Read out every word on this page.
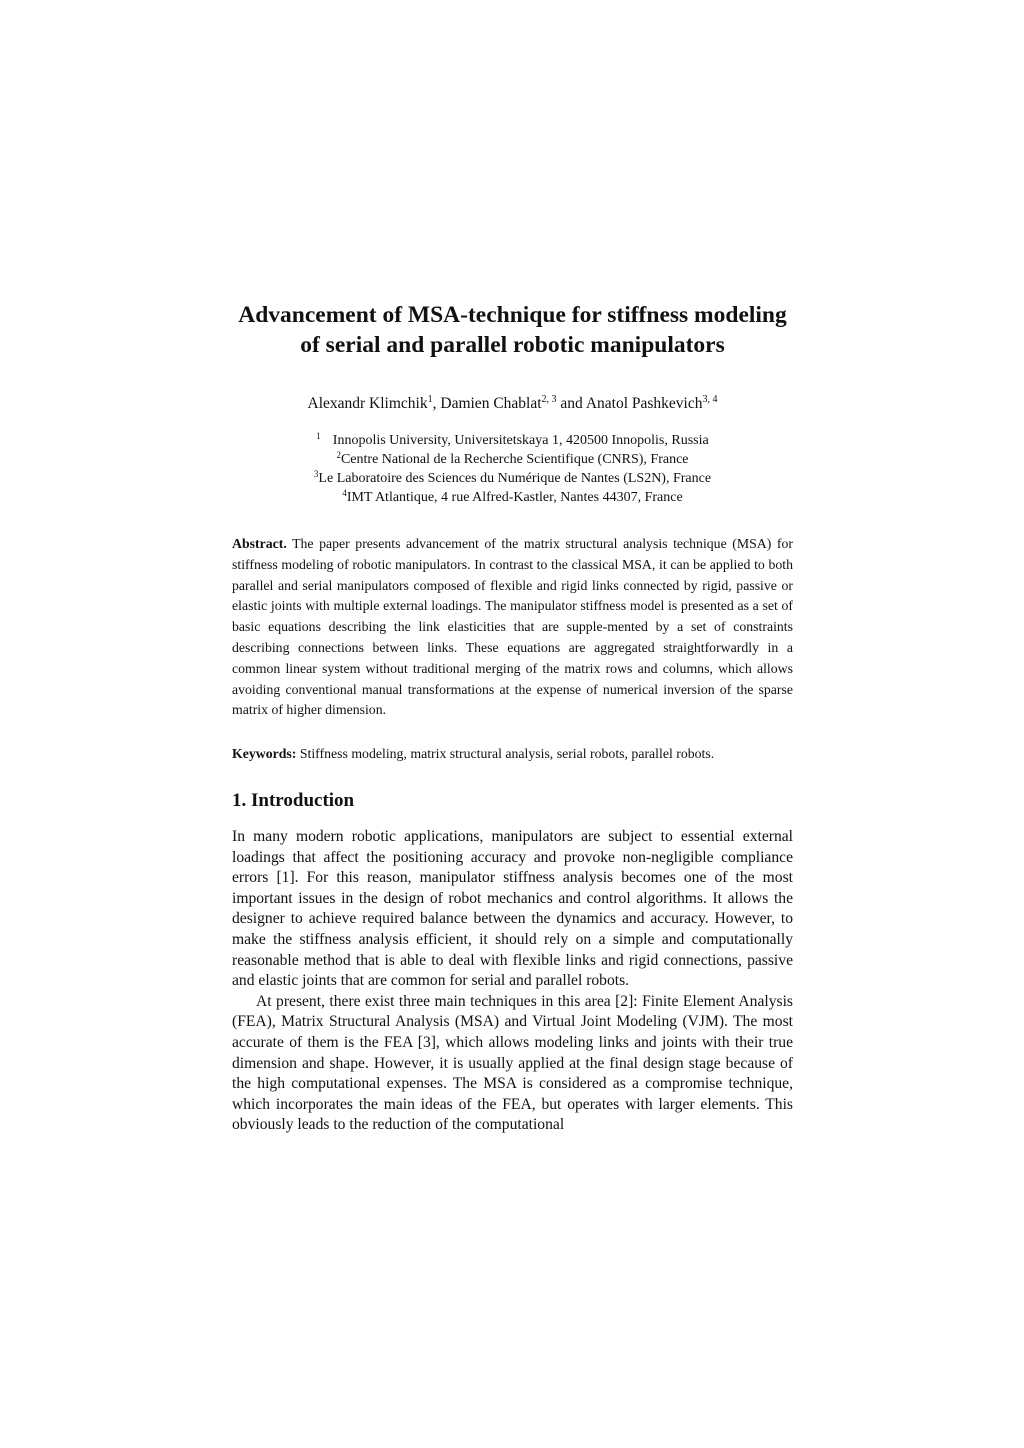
Advancement of MSA-technique for stiffness modeling
of serial and parallel robotic manipulators
Alexandr Klimchik$^1$, Damien Chablat$^{2, 3}$ and Anatol Pashkevich$^{3, 4}$
$^1$ Innopolis University, Universitetskaya 1, 420500 Innopolis, Russia
$^2$Centre National de la Recherche Scientifique (CNRS), France
$^3$Le Laboratoire des Sciences du Numérique de Nantes (LS2N), France
$^4$IMT Atlantique, 4 rue Alfred-Kastler, Nantes 44307, France

Abstract. The paper presents advancement of the matrix structural analysis technique (MSA) for stiffness modeling of robotic manipulators. In contrast to the classical MSA, it can be applied to both parallel and serial manipulators composed of flexible and rigid links connected by rigid, passive or elastic joints with multiple external loadings. The manipulator stiffness model is presented as a set of basic equations describing the link elasticities that are supple-mented by a set of constraints describing connections between links. These equations are aggregated straightforwardly in a common linear system without traditional merging of the matrix rows and columns, which allows avoiding conventional manual transformations at the expense of numerical inversion of the sparse matrix of higher dimension.

Keywords: Stiffness modeling, matrix structural analysis, serial robots, parallel robots.

1. Introduction

In many modern robotic applications, manipulators are subject to essential external loadings that affect the positioning accuracy and provoke non-negligible compliance errors [1]. For this reason, manipulator stiffness analysis becomes one of the most important issues in the design of robot mechanics and control algorithms. It allows the designer to achieve required balance between the dynamics and accuracy. However, to make the stiffness analysis efficient, it should rely on a simple and computationally reasonable method that is able to deal with flexible links and rigid connections, passive and elastic joints that are common for serial and parallel robots.

At present, there exist three main techniques in this area [2]: Finite Element Analysis (FEA), Matrix Structural Analysis (MSA) and Virtual Joint Modeling (VJM). The most accurate of them is the FEA [3], which allows modeling links and joints with their true dimension and shape. However, it is usually applied at the final design stage because of the high computational expenses. The MSA is considered as a compromise technique, which incorporates the main ideas of the FEA, but operates with larger elements. This obviously leads to the reduction of the computational
